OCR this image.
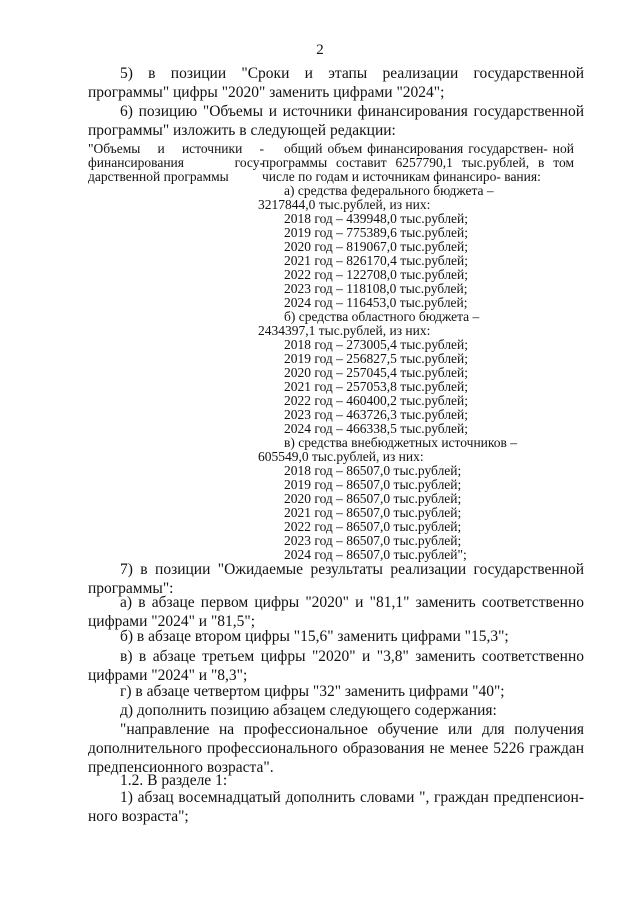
2
5) в позиции "Сроки и этапы реализации государственной программы" цифры "2020" заменить цифрами "2024";
6) позицию "Объемы и источники финансирования государственной программы" изложить в следующей редакции:
"Объемы и источники - финансирования госу- дарственной программы
общий объем финансирования государствен- ной программы составит 6257790,1 тыс.рублей, в том числе по годам и источникам финансиро- вания:
а) средства федерального бюджета –
3217844,0 тыс.рублей, из них:
2018 год – 439948,0 тыс.рублей;
2019 год – 775389,6 тыс.рублей;
2020 год – 819067,0 тыс.рублей;
2021 год – 826170,4 тыс.рублей;
2022 год – 122708,0 тыс.рублей;
2023 год – 118108,0 тыс.рублей;
2024 год – 116453,0 тыс.рублей;
б) средства областного бюджета –
2434397,1 тыс.рублей, из них:
2018 год – 273005,4 тыс.рублей;
2019 год – 256827,5 тыс.рублей;
2020 год – 257045,4 тыс.рублей;
2021 год – 257053,8 тыс.рублей;
2022 год – 460400,2 тыс.рублей;
2023 год – 463726,3 тыс.рублей;
2024 год – 466338,5 тыс.рублей;
в) средства внебюджетных источников –
605549,0 тыс.рублей, из них:
2018 год – 86507,0 тыс.рублей;
2019 год – 86507,0 тыс.рублей;
2020 год – 86507,0 тыс.рублей;
2021 год – 86507,0 тыс.рублей;
2022 год – 86507,0 тыс.рублей;
2023 год – 86507,0 тыс.рублей;
2024 год – 86507,0 тыс.рублей";
7) в позиции "Ожидаемые результаты реализации государственной программы":
а) в абзаце первом цифры "2020" и "81,1" заменить соответственно цифрами "2024" и "81,5";
б) в абзаце втором цифры "15,6" заменить цифрами "15,3";
в) в абзаце третьем цифры "2020" и "3,8" заменить соответственно цифрами "2024" и "8,3";
г) в абзаце четвертом цифры "32" заменить цифрами "40";
д) дополнить позицию абзацем следующего содержания:
"направление на профессиональное обучение или для получения дополнительного профессионального образования не менее 5226 граждан предпенсионного возраста".
1.2. В разделе 1:
1) абзац восемнадцатый дополнить словами ", граждан предпенсион- ного возраста";
